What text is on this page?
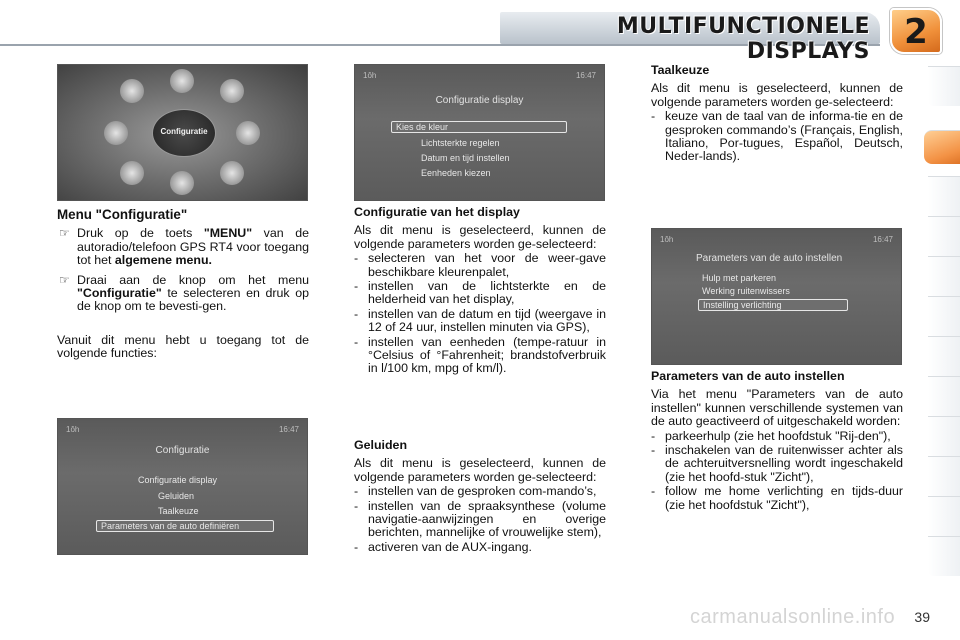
MULTIFUNCTIONELE DISPLAYS	2
Configuratie
1ôh	16:47
Configuratie display
Kies de kleur
Lichtsterkte regelen
Datum en tijd instellen
Eenheden kiezen
1ôh	16:47
Parameters van de auto instellen
Hulp met parkeren
Werking ruitenwissers
Instelling verlichting
1ôh	16:47
Configuratie
Configuratie display
Geluiden
Taalkeuze
Parameters van de auto definiëren
Menu "Configuratie"
☞ Druk op de toets "MENU" van de autoradio/telefoon GPS RT4 voor toegang tot het algemene menu.
☞ Draai aan de knop om het menu "Configuratie" te selecteren en druk op de knop om te bevesti-gen.
Vanuit dit menu hebt u toegang tot de volgende functies:
Configuratie van het display
Als dit menu is geselecteerd, kunnen de volgende parameters worden ge-selecteerd:
- selecteren van het voor de weer-gave beschikbare kleurenpalet,
- instellen van de lichtsterkte en de helderheid van het display,
- instellen van de datum en tijd (weergave in 12 of 24 uur, instellen minuten via GPS),
- instellen van eenheden (tempe-ratuur in °Celsius of °Fahrenheit; brandstofverbruik in l/100 km, mpg of km/l).
Geluiden
Als dit menu is geselecteerd, kunnen de volgende parameters worden ge-selecteerd:
- instellen van de gesproken com-mando’s,
- instellen van de spraaksynthese (volume navigatie-aanwijzingen en overige berichten, mannelijke of vrouwelijke stem),
- activeren van de AUX-ingang.
Taalkeuze
Als dit menu is geselecteerd, kunnen de volgende parameters worden ge-selecteerd:
- keuze van de taal van de informa-tie en de gesproken commando’s (Français, English, Italiano, Por-tugues, Español, Deutsch, Neder-lands).
Parameters van de auto instellen
Via het menu "Parameters van de auto instellen" kunnen verschillende systemen van de auto geactiveerd of uitgeschakeld worden:
- parkeerhulp (zie het hoofdstuk "Rij-den"),
- inschakelen van de ruitenwisser achter als de achteruitversnelling wordt ingeschakeld (zie het hoofd-stuk "Zicht"),
- follow me home verlichting en tijds-duur (zie het hoofdstuk "Zicht"),
carmanualsonline.info	39
